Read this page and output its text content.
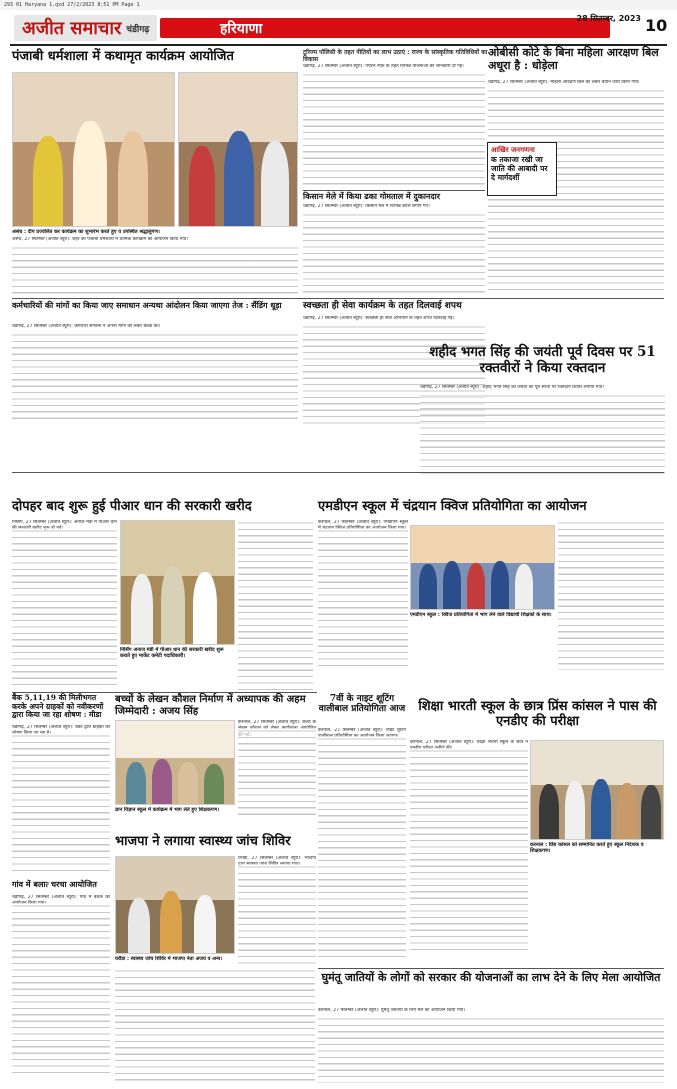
293 01 Haryana 1.qxd 27/2/2023 8:51 PM Page 1
अजीत समाचार चंडीगढ़	हरियाणा
28 सितम्बर, 2023 10
पंजाबी धर्मशाला में कथामृत कार्यक्रम आयोजित
असंध : दीप प्रज्वलित कर कार्यक्रम का शुभारंभ करते हुए व उपस्थित श्रद्धालुगण।
असंध, 27 सितम्बर (अजीत ब्यूरो): शहर की पंजाबी धर्मशाला में धार्मिक कार्यक्रम का आयोजन किया गया।
टूरिज्म पॉलिसी के तहत नीतियों का लाभ उठाएं : राज्य के सांस्कृतिक गतिविधियों का विकास
चंडीगढ़, 27 सितम्बर (अजीत ब्यूरो): पर्यटन नीति के तहत विभिन्न योजनाओं की जानकारी दी गई।
किसान मेले में किया ढका गोमताल में दुकानदार
चंडीगढ़, 27 सितम्बर (अजीत ब्यूरो): किसान मेले में विभिन्न स्टॉल लगाए गए।
ओबीसी कोटे के बिना महिला आरक्षण बिल अधूरा है : धोड़ेला
चंडीगढ़, 27 सितम्बर (अजीत ब्यूरो): महिला आरक्षण बिल को लेकर बयान जारी किया गया।
आखिर जनगणना
क तकाजा रखी जा जाति की आबादी पर दे मार्गदर्शी
कर्मचारियों की मांगों का किया जाए समाधान अन्यथा आंदोलन किया जाएगा तेज : सैंडिंग धूड़ा
चंडीगढ़, 27 सितम्बर (अजीत ब्यूरो): कर्मचारी संगठनों ने अपनी मांगों को लेकर बैठक की।
स्वच्छता ही सेवा कार्यक्रम के तहत दिलवाई शपथ
चंडीगढ़, 27 सितम्बर (अजीत ब्यूरो): स्वच्छता ही सेवा अभियान के तहत शपथ दिलवाई गई।
शहीद भगत सिंह की जयंती पूर्व दिवस पर 51 रक्तवीरों ने किया रक्तदान
चंडीगढ़, 27 सितम्बर (अजीत ब्यूरो): शहीद भगत सिंह की जयंती की पूर्व संध्या पर रक्तदान शिविर लगाया गया।
दोपहर बाद शुरू हुई पीआर धान की सरकारी खरीद
निसिंग, 27 सितम्बर (अजीत ब्यूरो): अनाज मंडी में पीआर धान
निसिंग अनाज मंडी में पीआर धान की सरकारी खरीद शुरू कराते हुए मार्केट कमेटी पदाधिकारी।
एमडीएन स्कूल में चंद्रयान क्विज प्रतियोगिता का आयोजन
करनाल, 27 सितम्बर (अजीत ब्यूरो): एमडीएन स्कूल
एमडीएन स्कूल : क्विज प्रतियोगिता में भाग लेने वाले विद्यार्थी शिक्षकों के साथ।
बैंक 5,11,19 की मिलीभगत करके अपने ग्राहकों को नवीकरणों द्वारा किया जा रहा शोषण : मीडा
चंडीगढ़, 27 सितम्बर (अजीत ब्यूरो): बैंकों द्वारा ग्राहकों का
बच्चों के लेखन कौशल निर्माण में अध्यापक की अहम जिम्मेदारी : अजय सिंह
ज्ञान विज्ञान स्कूल में कार्यक्रम में भाग लेते हुए शिक्षकगण।
करनाल, 27 सितम्बर (अजीत ब्यूरो): बच्चों के
7वीं के नाइट शूटिंग वालीबाल प्रतियोगिता आज
करनाल, 27 सितम्बर (अजीत ब्यूरो): नाइट शूटिंग
शिक्षा भारती स्कूल के छात्र प्रिंस कांसल ने पास की एनडीए की परीक्षा
करनाल, 27 सितम्बर (अजीत ब्यूरो): शिक्षा भारती स्कूल के छात्र ने
करनाल : प्रिंस कांसल को सम्मानित करते हुए स्कूल निदेशक व शिक्षकगण।
भाजपा ने लगाया स्वास्थ्य जांच शिविर
घरौंडा : स्वास्थ्य जांच शिविर में भाजपा नेता अजय व अन्य।
घरौंडा, 27 सितम्बर (अजीत ब्यूरो): भाजपा
गांव में बलात्‍ चरचा आयोजित
चंडीगढ़, 27 सितम्बर (अजीत ब्यूरो): गांव में बैठक का
घुमंतू जातियों के लोगों को सरकार की योजनाओं का लाभ देने के लिए मेला आयोजित
करनाल, 27 सितम्बर (अजीत ब्यूरो): घुमंतू जातियों के लिए मेले का आयोजन किया गया।
